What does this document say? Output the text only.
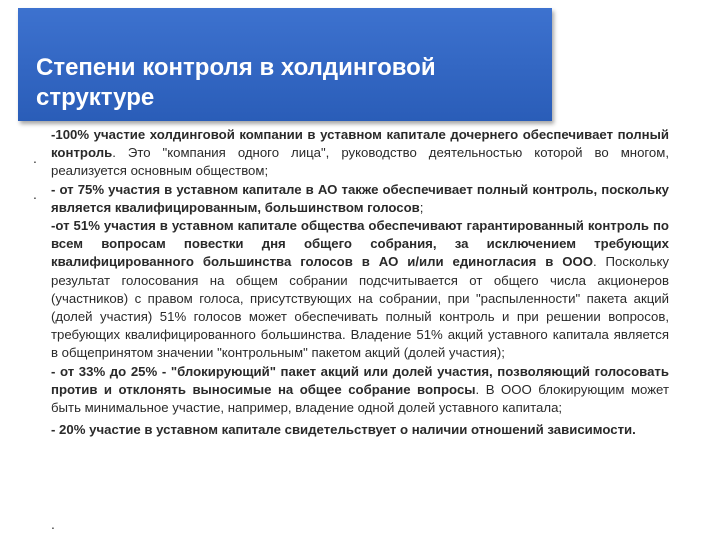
Степени контроля в холдинговой структуре
.
.

-100% участие холдинговой компании в уставном капитале дочернего обеспечивает полный контроль. Это "компания одного лица", руководство деятельностью которой во многом, реализуется основным обществом;

- от 75% участия в уставном капитале в АО также обеспечивает полный контроль, поскольку является квалифицированным, большинством голосов;

-от 51% участия в уставном капитале общества обеспечивают гарантированный контроль по всем вопросам повестки дня общего собрания, за исключением требующих квалифицированного большинства голосов в АО и/или единогласия в ООО. Поскольку результат голосования на общем собрании подсчитывается от общего числа акционеров (участников) с правом голоса, присутствующих на собрании, при "распыленности" пакета акций (долей участия) 51% голосов может обеспечивать полный контроль и при решении вопросов, требующих квалифицированного большинства. Владение 51% акций уставного капитала является в общепринятом значении "контрольным" пакетом акций (долей участия);

- от 33% до 25% - "блокирующий" пакет акций или долей участия, позволяющий голосовать против и отклонять выносимые на общее собрание вопросы. В ООО блокирующим может быть минимальное участие, например, владение одной долей уставного капитала;

- 20% участие в уставном капитале свидетельствует о наличии отношений зависимости.

.
